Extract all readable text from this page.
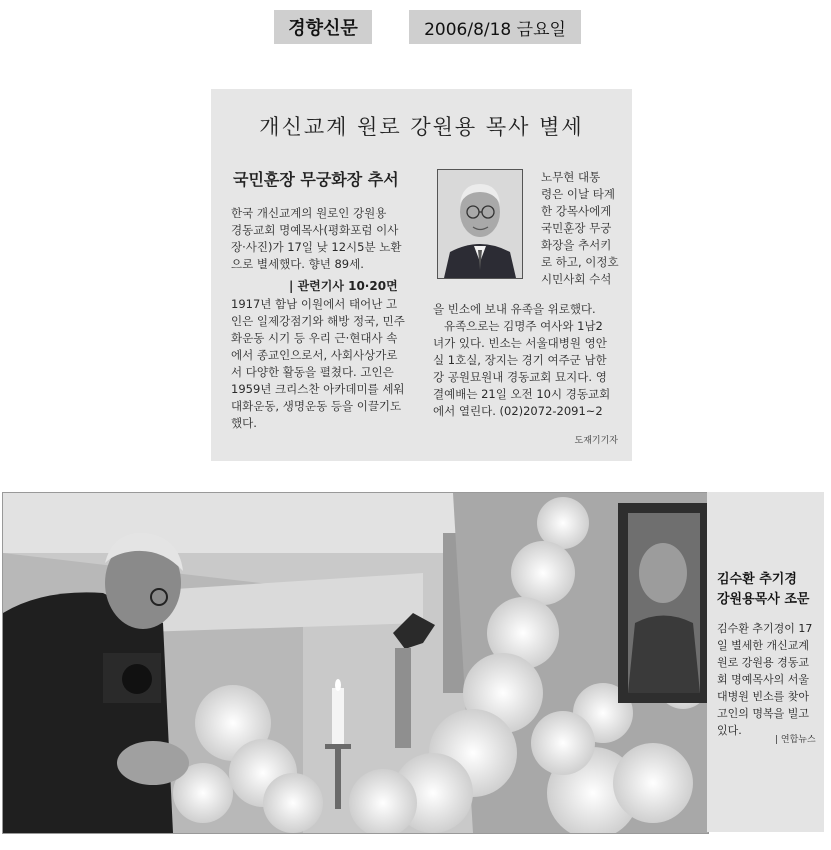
경향신문	2006/8/18 금요일
개신교계 원로 강원용 목사 별세
국민훈장 무궁화장 추서

한국 개신교계의 원로인 강원용
경동교회 명예목사(평화포럼 이사
장·사진)가 17일 낮 12시5분 노환
으로 별세했다. 향년 89세.

| 관련기사 10·20면

1917년 함남 이원에서 태어난 고
인은 일제강점기와 해방 정국, 민주
화운동 시기 등 우리 근·현대사 속
에서 종교인으로서, 사회사상가로
서 다양한 활동을 펼쳤다. 고인은
1959년 크리스찬 아카데미를 세워
대화운동, 생명운동 등을 이끌기도
했다.

노무현 대통
령은 이날 타계
한 강목사에게
국민훈장 무궁
화장을 추서키
로 하고, 이정호
시민사회 수석

을 빈소에 보내 유족을 위로했다.
유족으로는 김명주 여사와 1남2
녀가 있다. 빈소는 서울대병원 영안
실 1호실, 장지는 경기 여주군 남한
강 공원묘원내 경동교회 묘지다. 영
결예배는 21일 오전 10시 경동교회
에서 열린다. (02)2072-2091~2

도재기기자
김수환 추기경
강원용목사 조문
김수환 추기경이 17
일 별세한 개신교계
원로 강원용 경동교
회 명예목사의 서울
대병원 빈소를 찾아
고인의 명복을 빌고
있다.
| 연합뉴스
